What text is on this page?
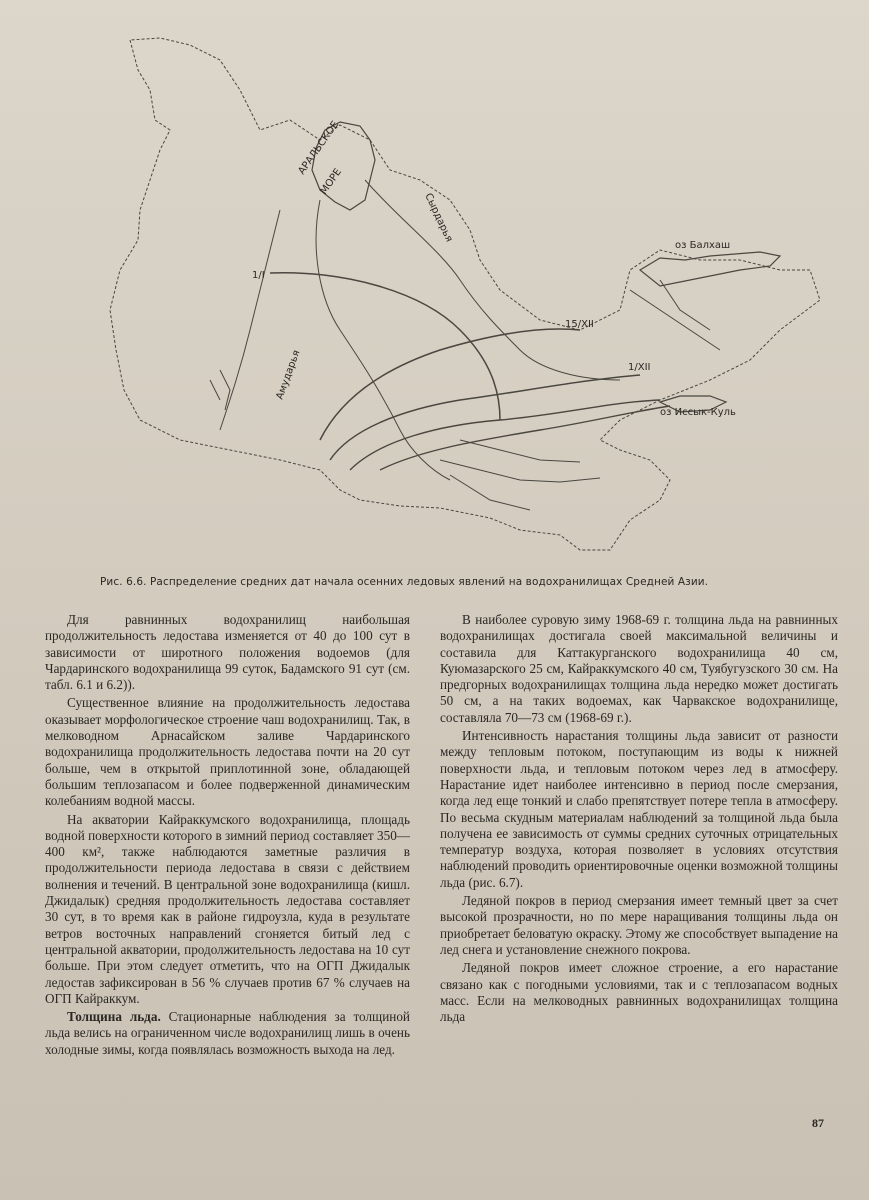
АРАЛЬСКОЕ
МОРЕ
Сырдарья
Амударья
оз Балхаш
оз Иссык-Куль
1/I
15/XII
1/XII
Рис. 6.6. Распределение средних дат начала осенних ледовых явлений на водохранилищах Средней Азии.

Для равнинных водохранилищ наибольшая продолжительность ледостава изменяется от 40 до 100 сут в зависимости от широтного положения водоемов (для Чардаринского водохранилища 99 суток, Бадамского 91 сут (см. табл. 6.1 и 6.2)).

Существенное влияние на продолжительность ледостава оказывает морфологическое строение чаш водохранилищ. Так, в мелководном Арнасайском заливе Чардаринского водохранилища продолжительность ледостава почти на 20 сут больше, чем в открытой приплотинной зоне, обладающей большим теплозапасом и более подверженной динамическим колебаниям водной массы.

На акватории Кайраккумского водохранилища, площадь водной поверхности которого в зимний период составляет 350—400 км², также наблюдаются заметные различия в продолжительности периода ледостава в связи с действием волнения и течений. В центральной зоне водохранилища (кишл. Джидалык) средняя продолжительность ледостава составляет 30 сут, в то время как в районе гидроузла, куда в результате ветров восточных направлений сгоняется битый лед с центральной акватории, продолжительность ледостава на 10 сут больше. При этом следует отметить, что на ОГП Джидалык ледостав зафиксирован в 56 % случаев против 67 % случаев на ОГП Кайраккум.

Толщина льда. Стационарные наблюдения за толщиной льда велись на ограниченном числе водохранилищ лишь в очень холодные зимы, когда появлялась возможность выхода на лед.

В наиболее суровую зиму 1968-69 г. толщина льда на равнинных водохранилищах достигала своей максимальной величины и составила для Каттакурганского водохранилища 40 см, Куюмазарского 25 см, Кайраккумского 40 см, Туябугузского 30 см. На предгорных водохранилищах толщина льда нередко может достигать 50 см, а на таких водоемах, как Чарвакское водохранилище, составляла 70—73 см (1968-69 г.).

Интенсивность нарастания толщины льда зависит от разности между тепловым потоком, поступающим из воды к нижней поверхности льда, и тепловым потоком через лед в атмосферу. Нарастание идет наиболее интенсивно в период после смерзания, когда лед еще тонкий и слабо препятствует потере тепла в атмосферу. По весьма скудным материалам наблюдений за толщиной льда была получена ее зависимость от суммы средних суточных отрицательных температур воздуха, которая позволяет в условиях отсутствия наблюдений проводить ориентировочные оценки возможной толщины льда (рис. 6.7).

Ледяной покров в период смерзания имеет темный цвет за счет высокой прозрачности, но по мере наращивания толщины льда он приобретает беловатую окраску. Этому же способствует выпадение на лед снега и установление снежного покрова.

Ледяной покров имеет сложное строение, а его нарастание связано как с погодными условиями, так и с теплозапасом водных масс. Если на мелководных равнинных водохранилищах толщина льда

87
